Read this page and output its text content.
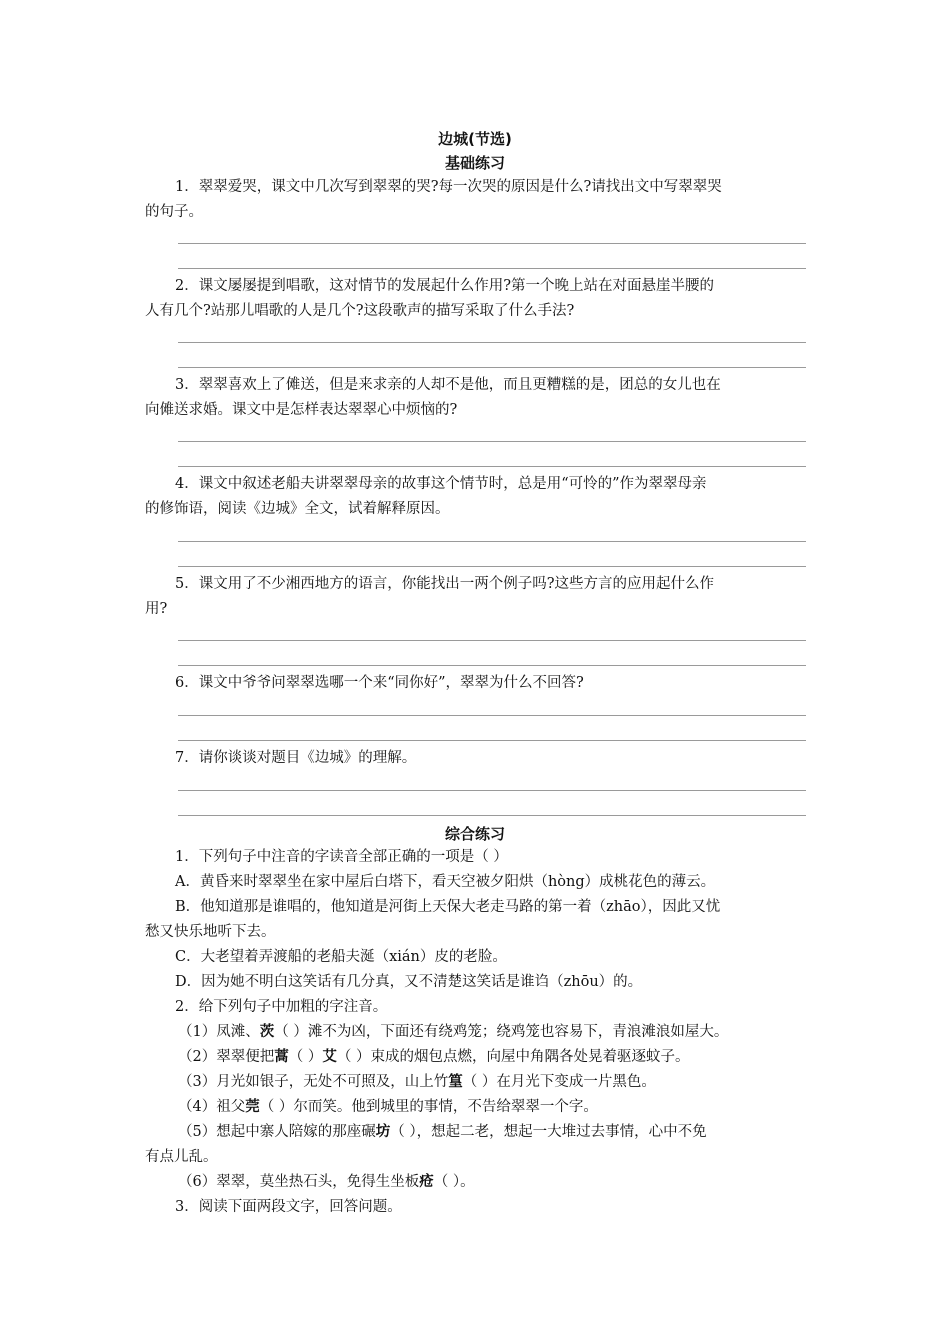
边城(节选)
基础练习
1．翠翠爱哭，课文中几次写到翠翠的哭?每一次哭的原因是什么?请找出文中写翠翠哭
的句子。
2．课文屡屡提到唱歌，这对情节的发展起什么作用?第一个晚上站在对面悬崖半腰的
人有几个?站那儿唱歌的人是几个?这段歌声的描写采取了什么手法?
3．翠翠喜欢上了傩送，但是来求亲的人却不是他，而且更糟糕的是，团总的女儿也在
向傩送求婚。课文中是怎样表达翠翠心中烦恼的?
4．课文中叙述老船夫讲翠翠母亲的故事这个情节时，总是用“可怜的”作为翠翠母亲
的修饰语，阅读《边城》全文，试着解释原因。
5．课文用了不少湘西地方的语言，你能找出一两个例子吗?这些方言的应用起什么作
用?
6．课文中爷爷问翠翠选哪一个来“同你好”，翠翠为什么不回答?
7．请你谈谈对题目《边城》的理解。
综合练习
1．下列句子中注音的字读音全部正确的一项是（ ）
A．黄昏来时翠翠坐在家中屋后白塔下，看天空被夕阳烘（hòng）成桃花色的薄云。
B．他知道那是谁唱的，他知道是河街上天保大老走马路的第一着（zhāo），因此又忧
愁又快乐地听下去。
C．大老望着弄渡船的老船夫涎（xián）皮的老脸。
D．因为她不明白这笑话有几分真，又不清楚这笑话是谁诌（zhōu）的。
2．给下列句子中加粗的字注音。
（1）凤滩、茨（ ）滩不为凶，下面还有绕鸡笼；绕鸡笼也容易下，青浪滩浪如屋大。
（2）翠翠便把蒿（ ）艾（ ）束成的烟包点燃，向屋中角隅各处晃着驱逐蚊子。
（3）月光如银子，无处不可照及，山上竹篁（ ）在月光下变成一片黑色。
（4）祖父莞（ ）尔而笑。他到城里的事情，不告给翠翠一个字。
（5）想起中寨人陪嫁的那座碾坊（ ），想起二老，想起一大堆过去事情，心中不免
有点儿乱。
（6）翠翠，莫坐热石头，免得生坐板疮（ ）。
3．阅读下面两段文字，回答问题。
